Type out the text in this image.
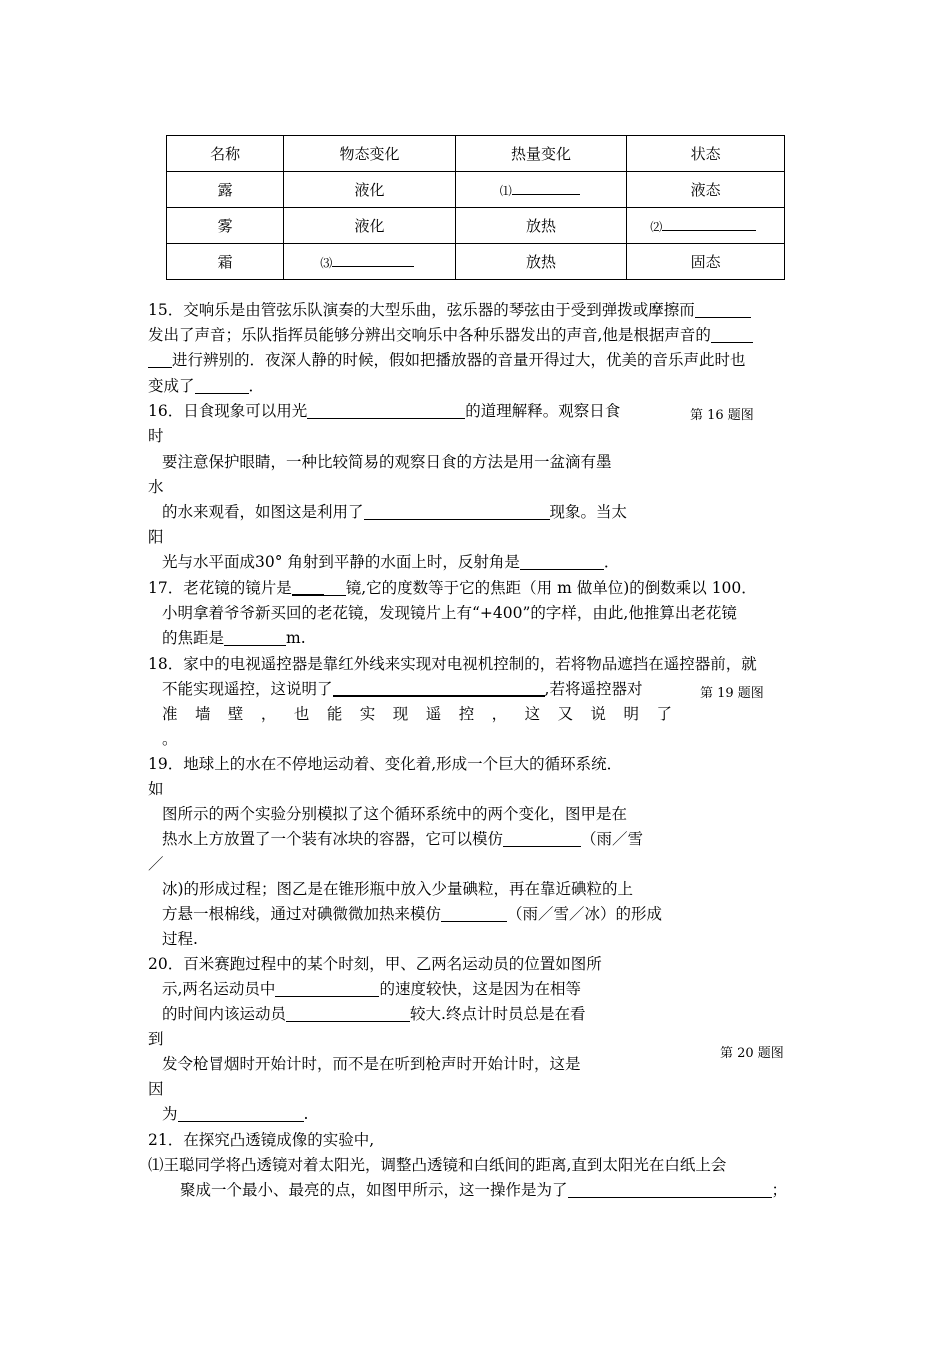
名称	物态变化	热量变化	状态
露	液化	⑴	液态
雾	液化	放热	⑵
霜	⑶	放热	固态
15．交响乐是由管弦乐队演奏的大型乐曲，弦乐器的琴弦由于受到弹拨或摩擦而
发出了声音；乐队指挥员能够分辨出交响乐中各种乐器发出的声音,他是根据声音的
进行辨别的．夜深人静的时候，假如把播放器的音量开得过大，优美的音乐声此时也
变成了	．
16．日食现象可以用光	的道理解释。观察日食	第 16 题图
时
要注意保护眼睛，一种比较简易的观察日食的方法是用一盆滴有墨
水
的水来观看，如图这是利用了	现象。当太
阳
光与水平面成30° 角射到平静的水面上时，反射角是	．
17．老花镜的镜片是	镜,它的度数等于它的焦距（用 m 做单位)的倒数乘以 100．
小明拿着爷爷新买回的老花镜，发现镜片上有“+400”的字样，由此,他推算出老花镜
的焦距是	m.
18．家中的电视遥控器是靠红外线来实现对电视机控制的，若将物品遮挡在遥控器前，就
不能实现遥控，这说明了	,若将遥控器对	第 19 题图
准墙壁，也能实现遥控，这又说明了
。
19．地球上的水在不停地运动着、变化着,形成一个巨大的循环系统．
如
图所示的两个实验分别模拟了这个循环系统中的两个变化，图甲是在
热水上方放置了一个装有冰块的容器，它可以模仿	（雨／雪
／
冰)的形成过程；图乙是在锥形瓶中放入少量碘粒，再在靠近碘粒的上
方悬一根棉线，通过对碘微微加热来模仿	（雨／雪／冰）的形成
过程.
20．百米赛跑过程中的某个时刻，甲、乙两名运动员的位置如图所
示,两名运动员中	的速度较快，这是因为在相等
的时间内该运动员	较大.终点计时员总是在看
到
第 20 题图
发令枪冒烟时开始计时，而不是在听到枪声时开始计时，这是
因
为	.
21．在探究凸透镜成像的实验中,
⑴王聪同学将凸透镜对着太阳光，调整凸透镜和白纸间的距离,直到太阳光在白纸上会
聚成一个最小、最亮的点，如图甲所示，这一操作是为了	；
